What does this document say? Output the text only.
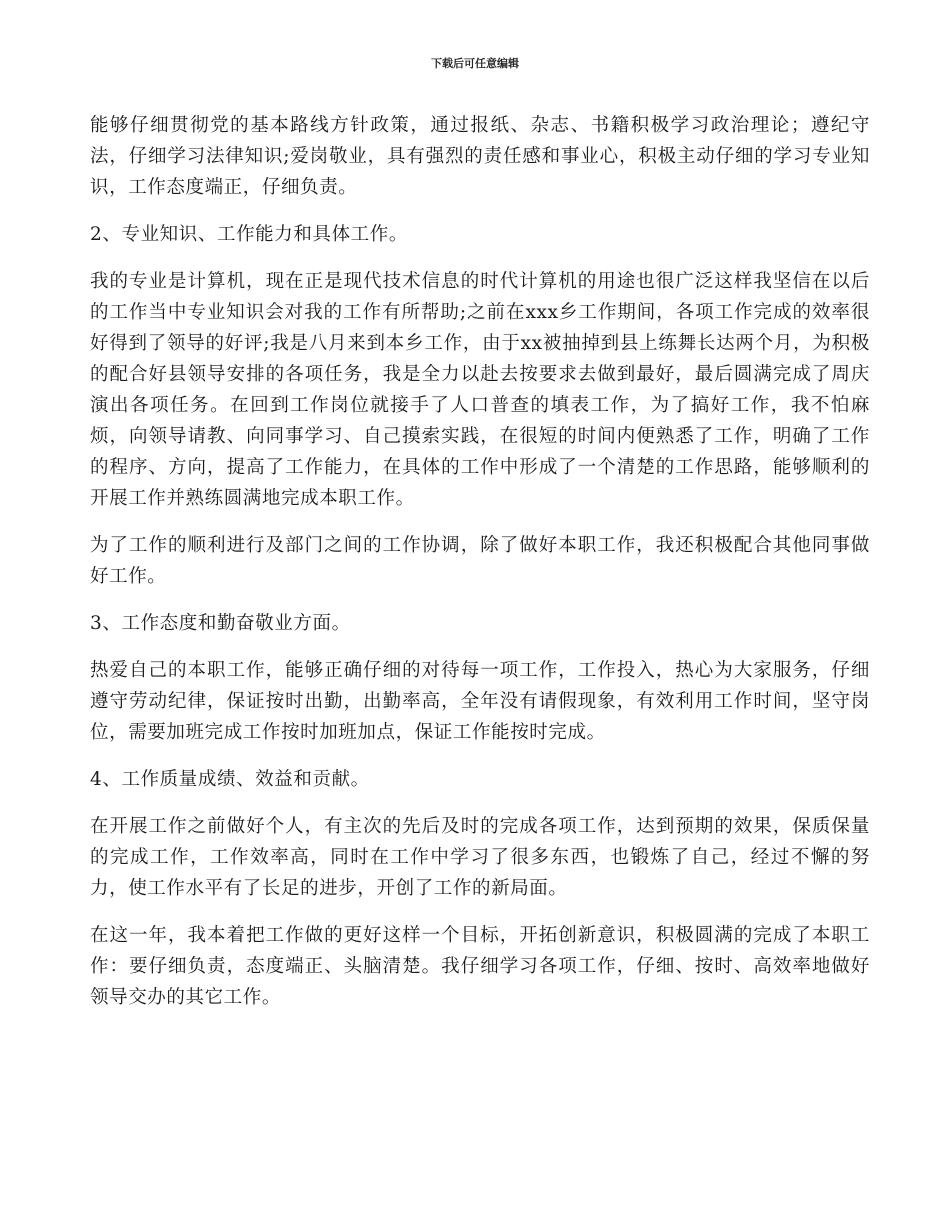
下载后可任意编辑

能够仔细贯彻党的基本路线方针政策，通过报纸、杂志、书籍积极学习政治理论；遵纪守法，仔细学习法律知识;爱岗敬业，具有强烈的责任感和事业心，积极主动仔细的学习专业知识，工作态度端正，仔细负责。

2、专业知识、工作能力和具体工作。

我的专业是计算机，现在正是现代技术信息的时代计算机的用途也很广泛这样我坚信在以后的工作当中专业知识会对我的工作有所帮助;之前在xxx乡工作期间，各项工作完成的效率很好得到了领导的好评;我是八月来到本乡工作，由于xx被抽掉到县上练舞长达两个月，为积极的配合好县领导安排的各项任务，我是全力以赴去按要求去做到最好，最后圆满完成了周庆演出各项任务。在回到工作岗位就接手了人口普查的填表工作，为了搞好工作，我不怕麻烦，向领导请教、向同事学习、自己摸索实践，在很短的时间内便熟悉了工作，明确了工作的程序、方向，提高了工作能力，在具体的工作中形成了一个清楚的工作思路，能够顺利的开展工作并熟练圆满地完成本职工作。

为了工作的顺利进行及部门之间的工作协调，除了做好本职工作，我还积极配合其他同事做好工作。

3、工作态度和勤奋敬业方面。

热爱自己的本职工作，能够正确仔细的对待每一项工作，工作投入，热心为大家服务，仔细遵守劳动纪律，保证按时出勤，出勤率高，全年没有请假现象，有效利用工作时间，坚守岗位，需要加班完成工作按时加班加点，保证工作能按时完成。

4、工作质量成绩、效益和贡献。

在开展工作之前做好个人，有主次的先后及时的完成各项工作，达到预期的效果，保质保量的完成工作，工作效率高，同时在工作中学习了很多东西，也锻炼了自己，经过不懈的努力，使工作水平有了长足的进步，开创了工作的新局面。

在这一年，我本着把工作做的更好这样一个目标，开拓创新意识，积极圆满的完成了本职工作：要仔细负责，态度端正、头脑清楚。我仔细学习各项工作，仔细、按时、高效率地做好领导交办的其它工作。
